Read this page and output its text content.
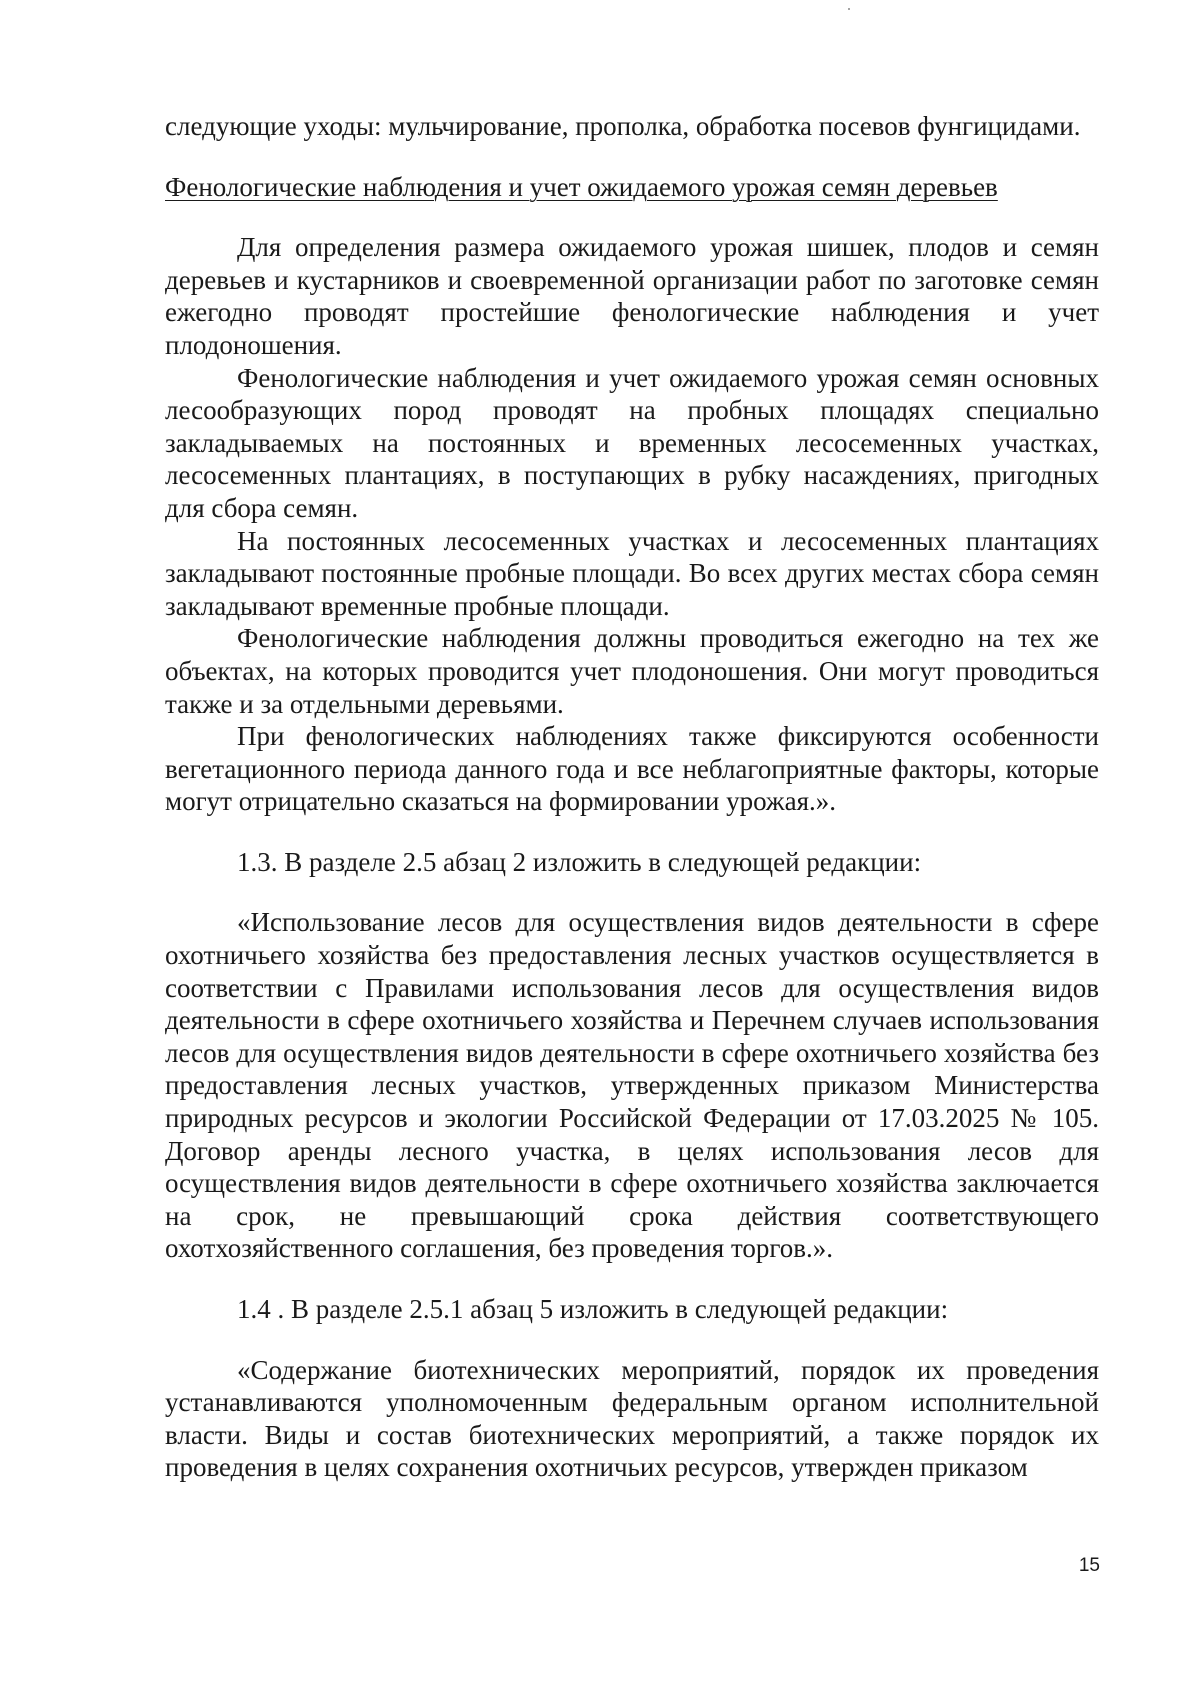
следующие уходы: мульчирование, прополка, обработка посевов фунгицидами.

Фенологические наблюдения и учет ожидаемого урожая семян деревьев

Для определения размера ожидаемого урожая шишек, плодов и семян деревьев и кустарников и своевременной организации работ по заготовке семян ежегодно проводят простейшие фенологические наблюдения и учет плодоношения.

Фенологические наблюдения и учет ожидаемого урожая семян основных лесообразующих пород проводят на пробных площадях специально закладываемых на постоянных и временных лесосеменных участках, лесосеменных плантациях, в поступающих в рубку насаждениях, пригодных для сбора семян.

На постоянных лесосеменных участках и лесосеменных плантациях закладывают постоянные пробные площади. Во всех других местах сбора семян закладывают временные пробные площади.

Фенологические наблюдения должны проводиться ежегодно на тех же объектах, на которых проводится учет плодоношения. Они могут проводиться также и за отдельными деревьями.

При фенологических наблюдениях также фиксируются особенности вегетационного периода данного года и все неблагоприятные факторы, которые могут отрицательно сказаться на формировании урожая.».

1.3. В разделе 2.5 абзац 2 изложить в следующей редакции:

«Использование лесов для осуществления видов деятельности в сфере охотничьего хозяйства без предоставления лесных участков осуществляется в соответствии с Правилами использования лесов для осуществления видов деятельности в сфере охотничьего хозяйства и Перечнем случаев использования лесов для осуществления видов деятельности в сфере охотничьего хозяйства без предоставления лесных участков, утвержденных приказом Министерства природных ресурсов и экологии Российской Федерации от 17.03.2025 № 105. Договор аренды лесного участка, в целях использования лесов для осуществления видов деятельности в сфере охотничьего хозяйства заключается на срок, не превышающий срока действия соответствующего охотхозяйственного соглашения, без проведения торгов.».

1.4 . В разделе 2.5.1 абзац 5 изложить в следующей редакции:

«Содержание биотехнических мероприятий, порядок их проведения устанавливаются уполномоченным федеральным органом исполнительной власти. Виды и состав биотехнических мероприятий, а также порядок их проведения в целях сохранения охотничьих ресурсов, утвержден приказом

15
